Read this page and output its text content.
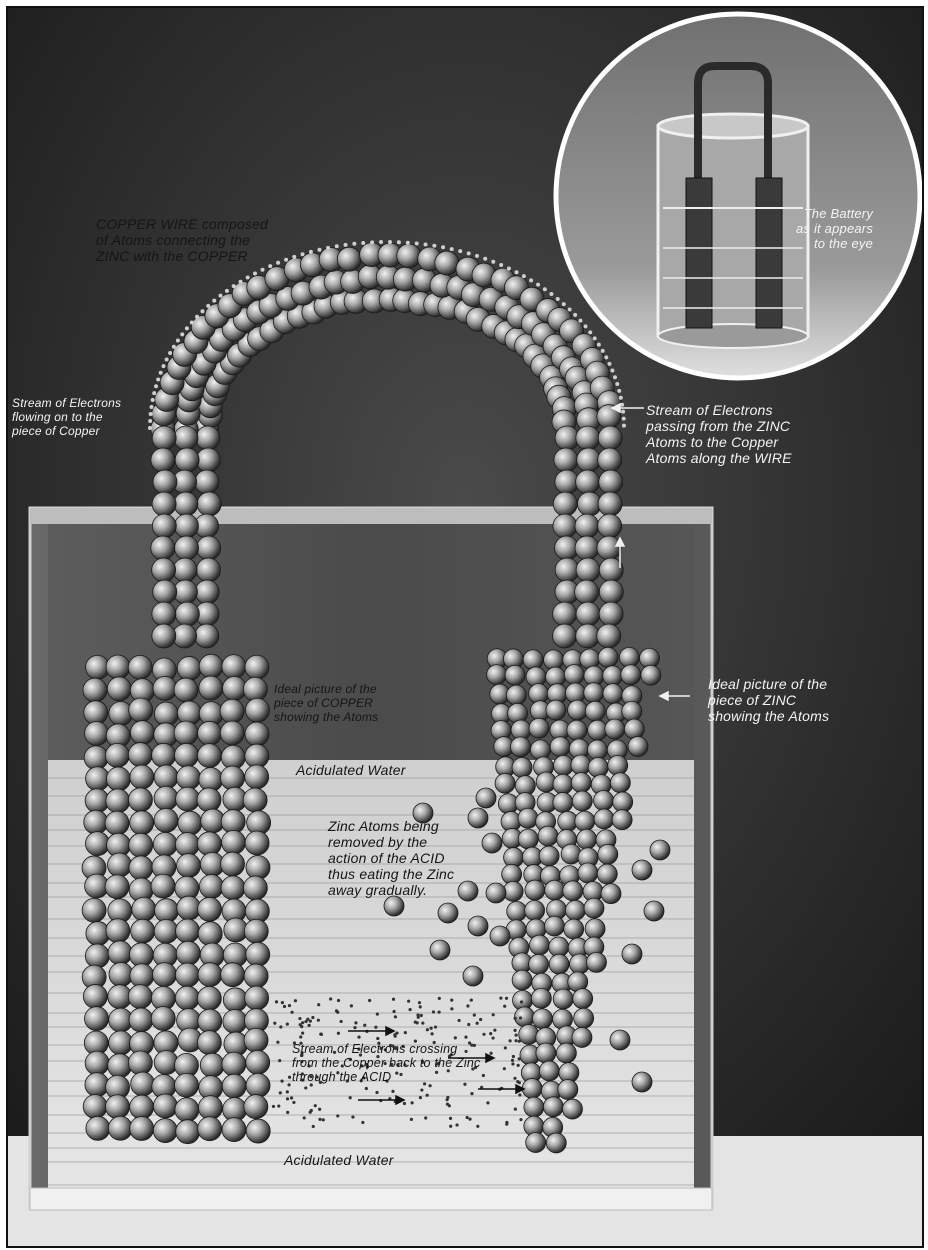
COPPER WIRE composed
of Atoms connecting the
ZINC with the COPPER
Stream of Electrons
flowing on to the
piece of Copper
Stream of Electrons
passing from the ZINC
Atoms to the Copper
Atoms along the WIRE
The Battery
as it appears
to the eye
Ideal picture of the
piece of ZINC
showing the Atoms
Ideal picture of the
piece of COPPER
showing the Atoms
Acidulated Water
Zinc Atoms being
removed by the
action of the ACID
thus eating the Zinc
away gradually.
Stream of Electrons crossing
from the Copper back to the Zinc
through the ACID
Acidulated Water
